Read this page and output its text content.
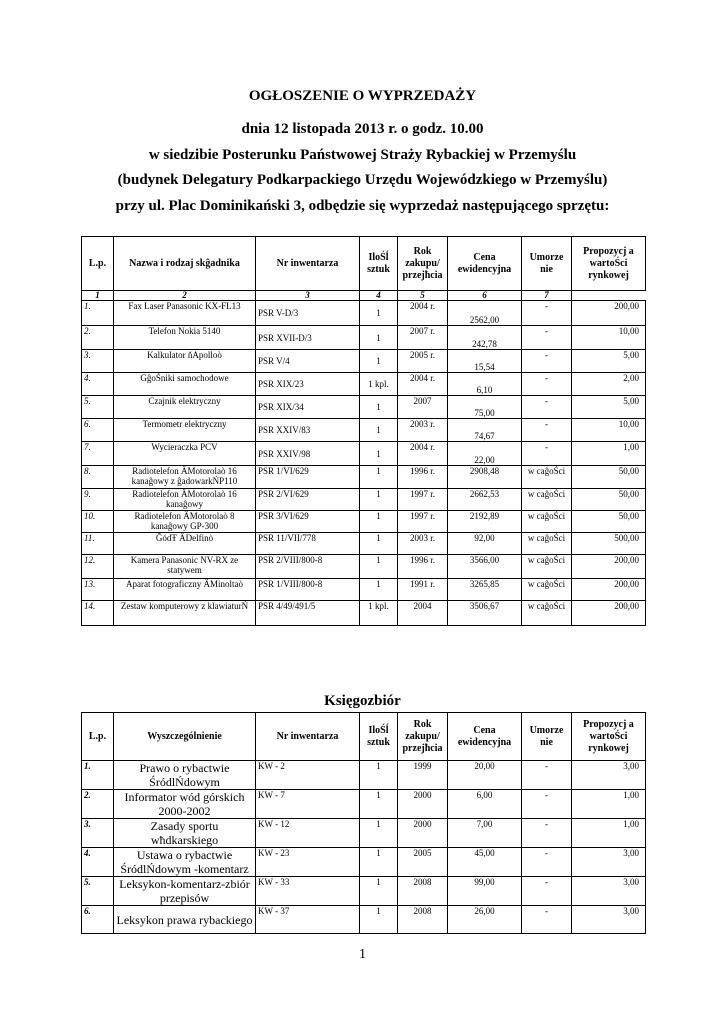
OGŁOSZENIE O WYPRZEDAŻY
dnia 12 listopada 2013 r. o godz. 10.00
w siedzibie Posterunku Państwowej Straży Rybackiej w Przemyślu
(budynek Delegatury Podkarpackiego Urzędu Wojewódzkiego w Przemyślu)
przy ul. Plac Dominikański 3, odbędzie się wyprzedaż następującego sprzętu:
L.p.	Nazwa i rodzaj skĝadnika	Nr inwentarza	IloŚĺ sztuk	Rok zakupu/ przejħcia	Cena ewidencyjna	Umorze nie	Propozycj a wartoŚci rynkowej
1	2	3	4	5	6	7	
1.	Fax Laser Panasonic KX-FL13	PSR V-D/3	1	2004 r.	2562,00	-	200,00
2.	Telefon Nokia 5140	PSR XVII-D/3	1	2007 r.	242,78	-	10,00
3.	Kalkulator ňApolloò	PSR V/4	1	2005 r.	15,54	-	5,00
4.	GĝoŚniki samochodowe	PSR XIX/23	1 kpl.	2004 r.	6,10	-	2,00
5.	Czajnik elektryczny	PSR XIX/34	1	2007	75,00	-	5,00
6.	Termometr elektryczny	PSR XXIV/83	1	2003 r.	74,67	-	10,00
7.	Wycieraczka PCV	PSR XXIV/98	1	2004 r.	22,00	-	1,00
8.	Radiotelefon ÄMotorolaò 16 kanaĝowy z ĝadowarkŃP110	PSR 1/VI/629	1	1996 r.	2908,48	w caĝoŚci	50,00
9.	Radiotelefon ÄMotorolaò 16 kanaĝowy	PSR 2/VI/629	1	1997 r.	2662,53	w caĝoŚci	50,00
10.	Radiotelefon ÄMotorolaò 8 kanaĝowy GP-300	PSR 3/VI/629	1	1997 r.	2192,89	w caĝoŚci	50,00
11.	ĜódŦ ÄDelfinò	PSR 11/VII/778	1	2003 r.	92,00	w caĝoŚci	500,00
12.	Kamera Panasonic NV-RX ze statywem	PSR 2/VIII/800-8	1	1996 r.	3566,00	w caĝoŚci	200,00
13.	Aparat fotograficzny ÄMinoltaò	PSR 1/VIII/800-8	1	1991 r.	3265,85	w caĝoŚci	200,00
14.	Zestaw komputerowy z klawiaturŃ	PSR 4/49/491/5	1 kpl.	2004	3506,67	w caĝoŚci	200,00
Księgozbiór
L.p.	Wyszczególnienie	Nr inwentarza	IloŚĺ sztuk	Rok zakupu/ przejħcia	Cena ewidencyjna	Umorze nie	Propozycj a wartoŚci rynkowej
1.	Prawo o rybactwie ŚródlŃdowym	KW - 2	1	1999	20,00	-	3,00
2.	Informator wód górskich 2000-2002	KW - 7	1	2000	6,00	-	1,00
3.	Zasady sportu wħdkarskiego	KW - 12	1	2000	7,00	-	1,00
4.	Ustawa o rybactwie ŚródlŃdowym -komentarz	KW - 23	1	2005	45,00	-	3,00
5.	Leksykon-komentarz-zbiór przepisów	KW - 33	1	2008	99,00	-	3,00
6.	Leksykon prawa rybackiego	KW - 37	1	2008	26,00	-	3,00
1
